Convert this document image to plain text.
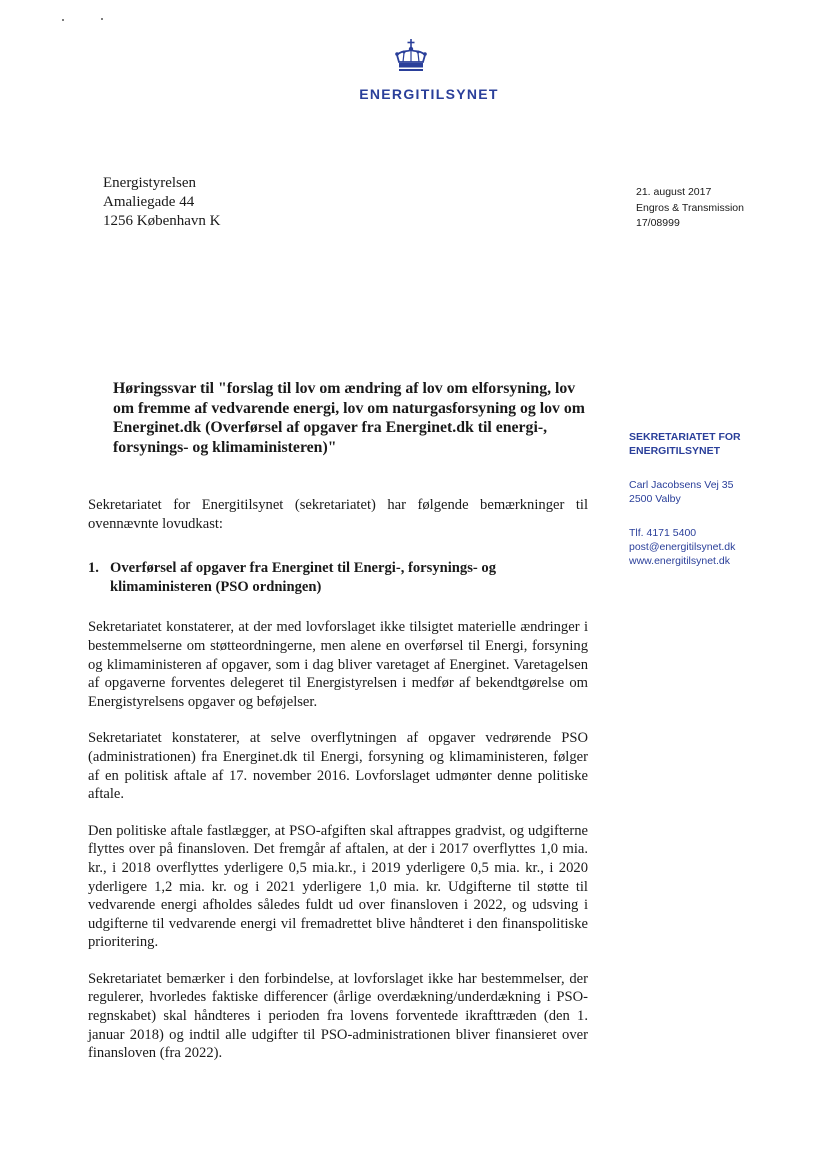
ENERGITILSYNET
Energistyrelsen
Amaliegade 44
1256 København K
21. august 2017
Engros & Transmission
17/08999
Høringssvar til "forslag til lov om ændring af lov om elforsyning, lov om fremme af vedvarende energi, lov om naturgasforsyning og lov om Energinet.dk (Overførsel af opgaver fra Energinet.dk til energi-, forsynings- og klimaministeren)"
SEKRETARIATET FOR
ENERGITILSYNET
Carl Jacobsens Vej 35
2500 Valby
Tlf. 4171 5400
post@energitilsynet.dk
www.energitilsynet.dk

Sekretariatet for Energitilsynet (sekretariatet) har følgende bemærkninger til ovennævnte lovudkast:

1. Overførsel af opgaver fra Energinet til Energi-, forsynings- og klimaministeren (PSO ordningen)

Sekretariatet konstaterer, at der med lovforslaget ikke tilsigtet materielle ændringer i bestemmelserne om støtteordningerne, men alene en overførsel til Energi, forsyning og klimaministeren af opgaver, som i dag bliver varetaget af Energinet. Varetagelsen af opgaverne forventes delegeret til Energistyrelsen i medfør af bekendtgørelse om Energistyrelsens opgaver og beføjelser.

Sekretariatet konstaterer, at selve overflytningen af opgaver vedrørende PSO (administrationen) fra Energinet.dk til Energi, forsyning og klimaministeren, følger af en politisk aftale af 17. november 2016. Lovforslaget udmønter denne politiske aftale.

Den politiske aftale fastlægger, at PSO-afgiften skal aftrappes gradvist, og udgifterne flyttes over på finansloven. Det fremgår af aftalen, at der i 2017 overflyttes 1,0 mia. kr., i 2018 overflyttes yderligere 0,5 mia.kr., i 2019 yderligere 0,5 mia. kr., i 2020 yderligere 1,2 mia. kr. og i 2021 yderligere 1,0 mia. kr. Udgifterne til støtte til vedvarende energi afholdes således fuldt ud over finansloven i 2022, og udsving i udgifterne til vedvarende energi vil fremadrettet blive håndteret i den finanspolitiske prioritering.

Sekretariatet bemærker i den forbindelse, at lovforslaget ikke har bestemmelser, der regulerer, hvorledes faktiske differencer (årlige overdækning/underdækning i PSO-regnskabet) skal håndteres i perioden fra lovens forventede ikrafttræden (den 1. januar 2018) og indtil alle udgifter til PSO-administrationen bliver finansieret over finansloven (fra 2022).
